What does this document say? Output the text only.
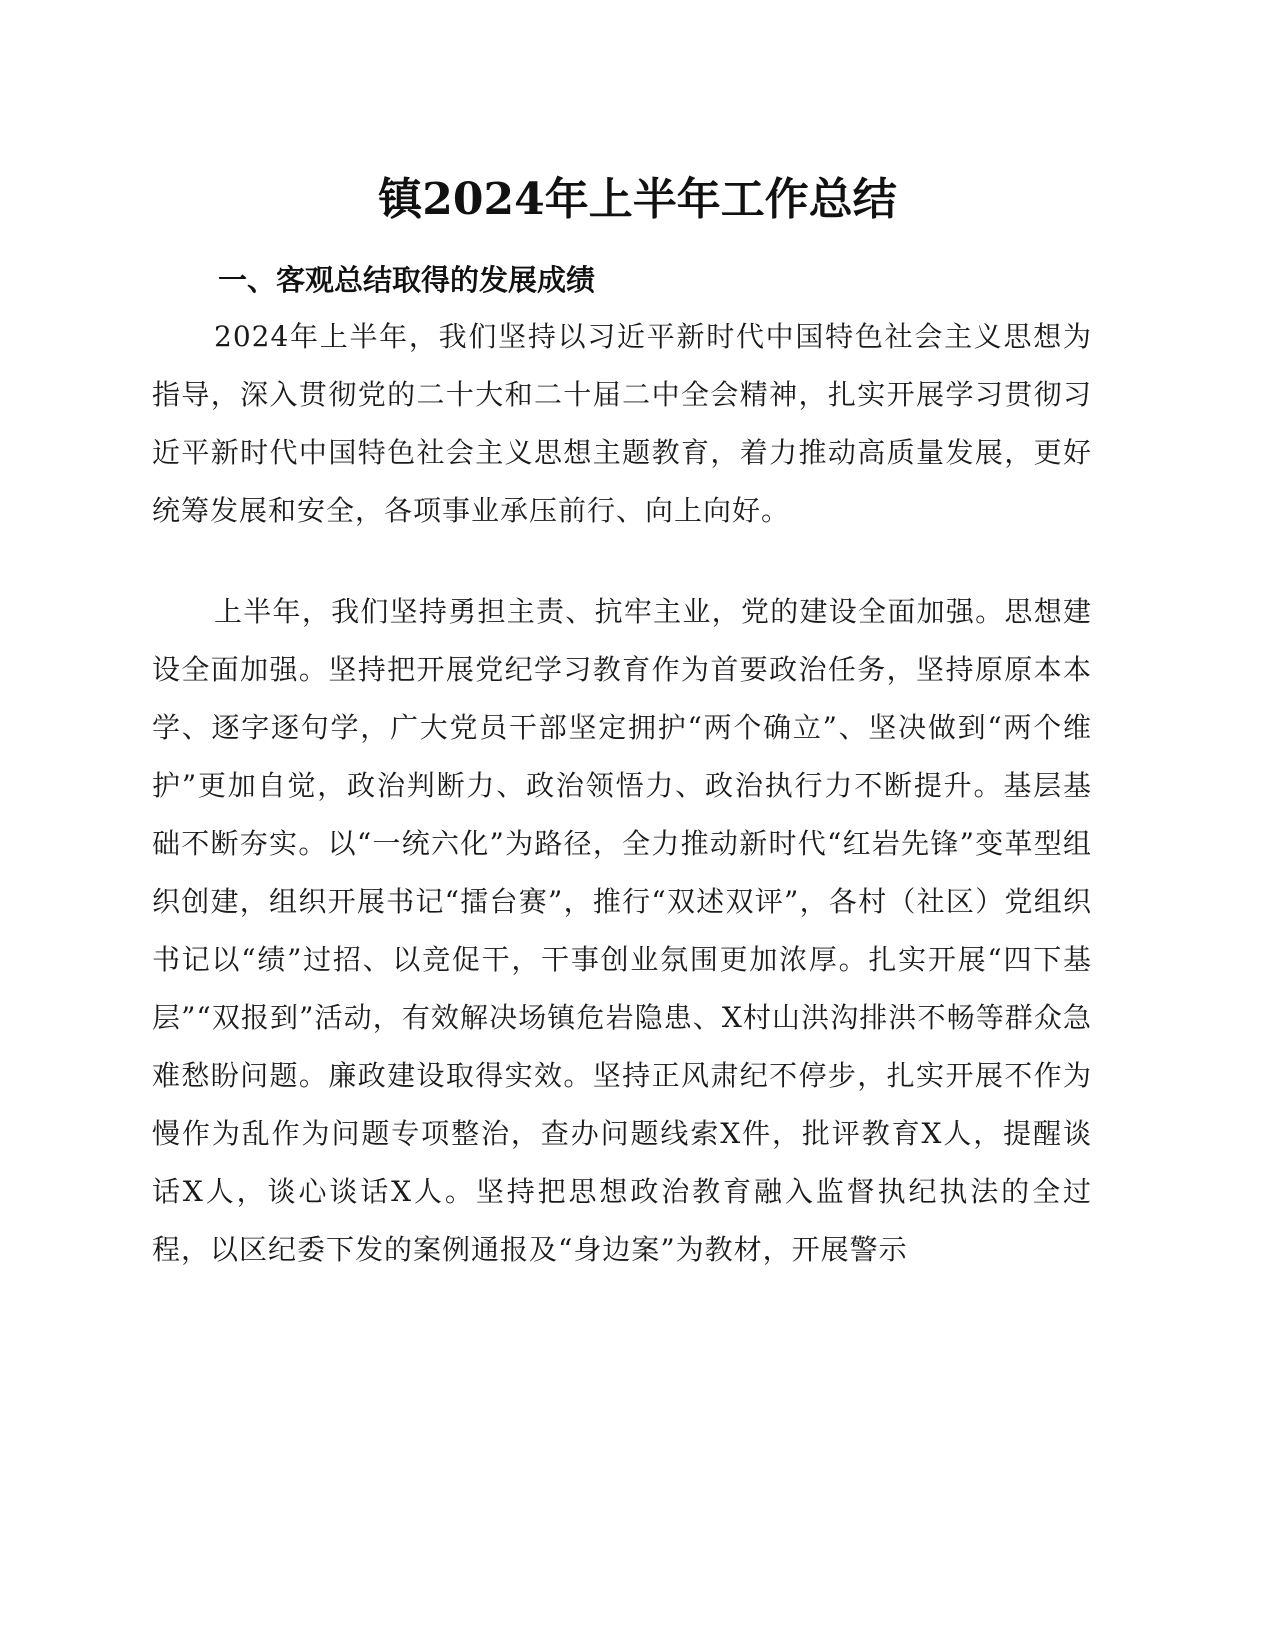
镇2024年上半年工作总结
一、客观总结取得的发展成绩

2024年上半年，我们坚持以习近平新时代中国特色社会主义思想为指导，深入贯彻党的二十大和二十届二中全会精神，扎实开展学习贯彻习近平新时代中国特色社会主义思想主题教育，着力推动高质量发展，更好统筹发展和安全，各项事业承压前行、向上向好。

上半年，我们坚持勇担主责、抗牢主业，党的建设全面加强。思想建设全面加强。坚持把开展党纪学习教育作为首要政治任务，坚持原原本本学、逐字逐句学，广大党员干部坚定拥护“两个确立”、坚决做到“两个维护”更加自觉，政治判断力、政治领悟力、政治执行力不断提升。基层基础不断夯实。以“一统六化”为路径，全力推动新时代“红岩先锋”变革型组织创建，组织开展书记“擂台赛”，推行“双述双评”，各村（社区）党组织书记以“绩”过招、以竞促干，干事创业氛围更加浓厚。扎实开展“四下基层”“双报到”活动，有效解决场镇危岩隐患、X村山洪沟排洪不畅等群众急难愁盼问题。廉政建设取得实效。坚持正风肃纪不停步，扎实开展不作为慢作为乱作为问题专项整治，查办问题线索X件，批评教育X人，提醒谈话X人，谈心谈话X人。坚持把思想政治教育融入监督执纪执法的全过程，以区纪委下发的案例通报及“身边案”为教材，开展警示
